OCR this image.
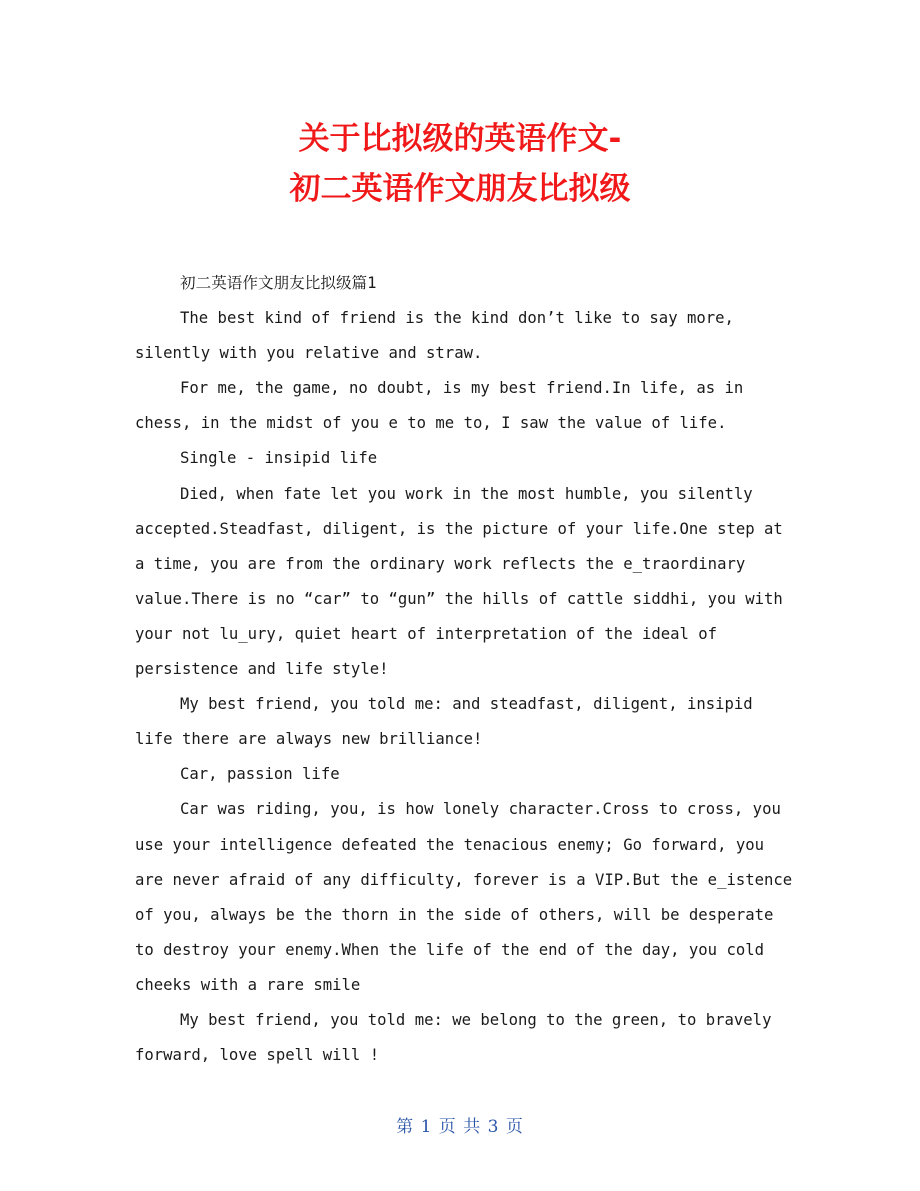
关于比拟级的英语作文-
初二英语作文朋友比拟级

初二英语作文朋友比拟级篇1

The best kind of friend is the kind don’t like to say more, silently with you relative and straw.

For me, the game, no doubt, is my best friend.In life, as in chess, in the midst of you e to me to, I saw the value of life.

Single - insipid life

Died, when fate let you work in the most humble, you silently accepted.Steadfast, diligent, is the picture of your life.One step at a time, you are from the ordinary work reflects the e_traordinary value.There is no “car” to “gun” the hills of cattle siddhi, you with your not lu_ury, quiet heart of interpretation of the ideal of persistence and life style!

My best friend, you told me: and steadfast, diligent, insipid life there are always new brilliance!

Car, passion life

Car was riding, you, is how lonely character.Cross to cross, you use your intelligence defeated the tenacious enemy; Go forward, you are never afraid of any difficulty, forever is a VIP.But the e_istence of you, always be the thorn in the side of others, will be desperate to destroy your enemy.When the life of the end of the day, you cold cheeks with a rare smile

My best friend, you told me: we belong to the green, to bravely forward, love spell will !

第 1 页 共 3 页
